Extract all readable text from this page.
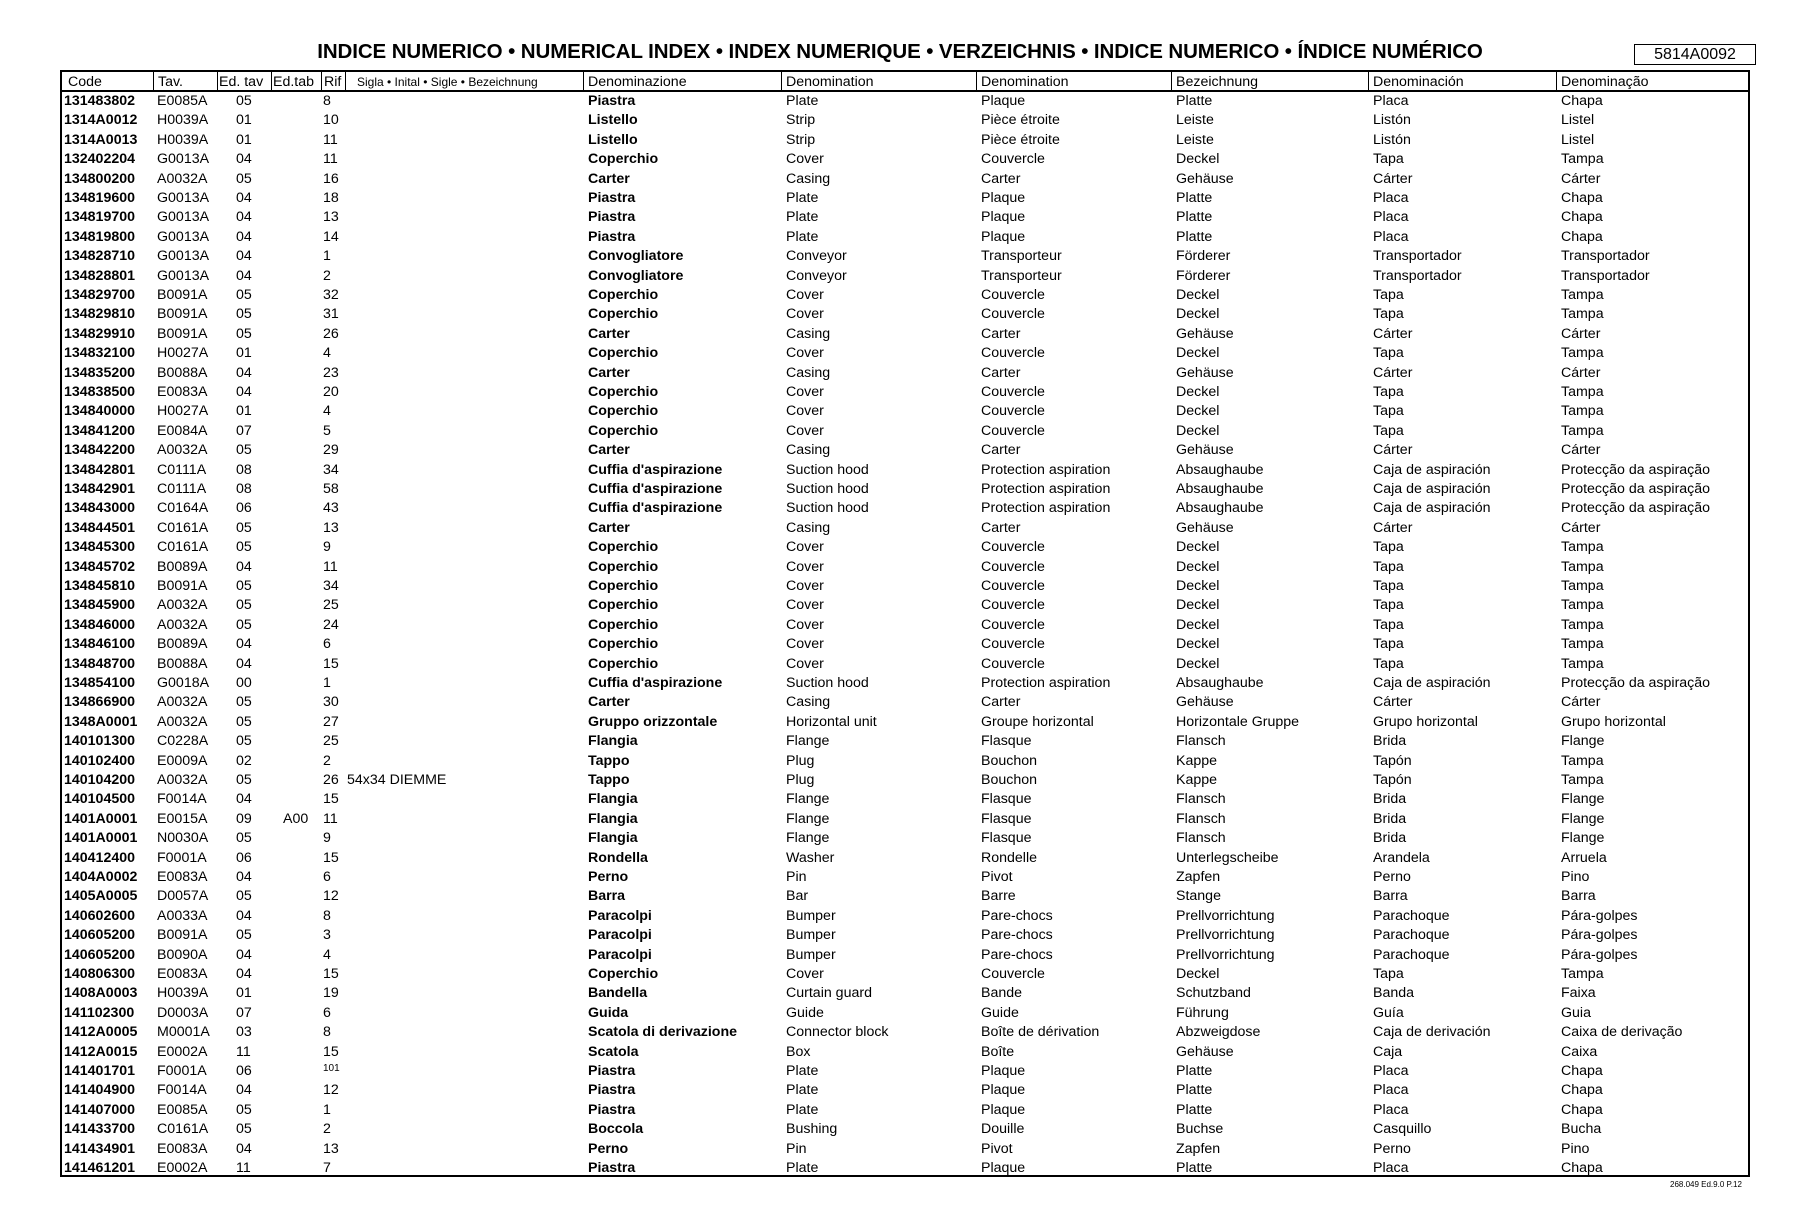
INDICE NUMERICO • NUMERICAL INDEX • INDEX NUMERIQUE • VERZEICHNIS • INDICE NUMERICO • ÍNDICE NUMÉRICO	5814A0092
Code	Tav.	Ed. tav Ed.tab Rif Sigla • Inital • Sigle • Bezeichnung	Denominazione	Denomination	Denomination	Bezeichnung	Denominación	Denominação
131483802 E0085A 05	8	Piastra	Plate	Plaque	Platte	Placa	Chapa
1314A0012 H0039A 01	10	Listello	Strip	Pièce étroite	Leiste	Listón	Listel
1314A0013 H0039A 01	11	Listello	Strip	Pièce étroite	Leiste	Listón	Listel
132402204 G0013A 04	11	Coperchio	Cover	Couvercle	Deckel	Tapa	Tampa
134800200 A0032A 05	16	Carter	Casing	Carter	Gehäuse	Cárter	Cárter
134819600 G0013A 04	18	Piastra	Plate	Plaque	Platte	Placa	Chapa
134819700 G0013A 04	13	Piastra	Plate	Plaque	Platte	Placa	Chapa
134819800 G0013A 04	14	Piastra	Plate	Plaque	Platte	Placa	Chapa
134828710 G0013A 04	1	Convogliatore	Conveyor	Transporteur	Förderer	Transportador	Transportador
134828801 G0013A 04	2	Convogliatore	Conveyor	Transporteur	Förderer	Transportador	Transportador
134829700 B0091A 05	32	Coperchio	Cover	Couvercle	Deckel	Tapa	Tampa
134829810 B0091A 05	31	Coperchio	Cover	Couvercle	Deckel	Tapa	Tampa
134829910 B0091A 05	26	Carter	Casing	Carter	Gehäuse	Cárter	Cárter
134832100 H0027A 01	4	Coperchio	Cover	Couvercle	Deckel	Tapa	Tampa
134835200 B0088A 04	23	Carter	Casing	Carter	Gehäuse	Cárter	Cárter
134838500 E0083A 04	20	Coperchio	Cover	Couvercle	Deckel	Tapa	Tampa
134840000 H0027A 01	4	Coperchio	Cover	Couvercle	Deckel	Tapa	Tampa
134841200 E0084A 07	5	Coperchio	Cover	Couvercle	Deckel	Tapa	Tampa
134842200 A0032A 05	29	Carter	Casing	Carter	Gehäuse	Cárter	Cárter
134842801 C0111A 08	34	Cuffia d'aspirazione	Suction hood	Protection aspiration	Absaughaube	Caja de aspiración	Protecção da aspiração
134842901 C0111A 08	58	Cuffia d'aspirazione	Suction hood	Protection aspiration	Absaughaube	Caja de aspiración	Protecção da aspiração
134843000 C0164A 06	43	Cuffia d'aspirazione	Suction hood	Protection aspiration	Absaughaube	Caja de aspiración	Protecção da aspiração
134844501 C0161A 05	13	Carter	Casing	Carter	Gehäuse	Cárter	Cárter
134845300 C0161A 05	9	Coperchio	Cover	Couvercle	Deckel	Tapa	Tampa
134845702 B0089A 04	11	Coperchio	Cover	Couvercle	Deckel	Tapa	Tampa
134845810 B0091A 05	34	Coperchio	Cover	Couvercle	Deckel	Tapa	Tampa
134845900 A0032A 05	25	Coperchio	Cover	Couvercle	Deckel	Tapa	Tampa
134846000 A0032A 05	24	Coperchio	Cover	Couvercle	Deckel	Tapa	Tampa
134846100 B0089A 04	6	Coperchio	Cover	Couvercle	Deckel	Tapa	Tampa
134848700 B0088A 04	15	Coperchio	Cover	Couvercle	Deckel	Tapa	Tampa
134854100 G0018A 00	1	Cuffia d'aspirazione	Suction hood	Protection aspiration	Absaughaube	Caja de aspiración	Protecção da aspiração
134866900 A0032A 05	30	Carter	Casing	Carter	Gehäuse	Cárter	Cárter
1348A0001 A0032A 05	27	Gruppo orizzontale	Horizontal unit	Groupe horizontal	Horizontale Gruppe	Grupo horizontal	Grupo horizontal
140101300 C0228A 05	25	Flangia	Flange	Flasque	Flansch	Brida	Flange
140102400 E0009A 02	2	Tappo	Plug	Bouchon	Kappe	Tapón	Tampa
140104200 A0032A 05	26 54x34 DIEMME	Tappo	Plug	Bouchon	Kappe	Tapón	Tampa
140104500 F0014A 04	15	Flangia	Flange	Flasque	Flansch	Brida	Flange
1401A0001 E0015A 09 A00 11	Flangia	Flange	Flasque	Flansch	Brida	Flange
1401A0001 N0030A 05	9	Flangia	Flange	Flasque	Flansch	Brida	Flange
140412400 F0001A 06	15	Rondella	Washer	Rondelle	Unterlegscheibe	Arandela	Arruela
1404A0002 E0083A 04	6	Perno	Pin	Pivot	Zapfen	Perno	Pino
1405A0005 D0057A 05	12	Barra	Bar	Barre	Stange	Barra	Barra
140602600 A0033A 04	8	Paracolpi	Bumper	Pare-chocs	Prellvorrichtung	Parachoque	Pára-golpes
140605200 B0091A 05	3	Paracolpi	Bumper	Pare-chocs	Prellvorrichtung	Parachoque	Pára-golpes
140605200 B0090A 04	4	Paracolpi	Bumper	Pare-chocs	Prellvorrichtung	Parachoque	Pára-golpes
140806300 E0083A 04	15	Coperchio	Cover	Couvercle	Deckel	Tapa	Tampa
1408A0003 H0039A 01	19	Bandella	Curtain guard	Bande	Schutzband	Banda	Faixa
141102300 D0003A 07	6	Guida	Guide	Guide	Führung	Guía	Guia
1412A0005 M0001A 03	8	Scatola di derivazione	Connector block	Boîte de dérivation	Abzweigdose	Caja de derivación	Caixa de derivação
1412A0015 E0002A 11	15	Scatola	Box	Boîte	Gehäuse	Caja	Caixa
141401701 F0001A 06	101	Piastra	Plate	Plaque	Platte	Placa	Chapa
141404900 F0014A 04	12	Piastra	Plate	Plaque	Platte	Placa	Chapa
141407000 E0085A 05	1	Piastra	Plate	Plaque	Platte	Placa	Chapa
141433700 C0161A 05	2	Boccola	Bushing	Douille	Buchse	Casquillo	Bucha
141434901 E0083A 04	13	Perno	Pin	Pivot	Zapfen	Perno	Pino
141461201 E0002A 11	7	Piastra	Plate	Plaque	Platte	Placa	Chapa
268.049 Ed.9.0 P.12
